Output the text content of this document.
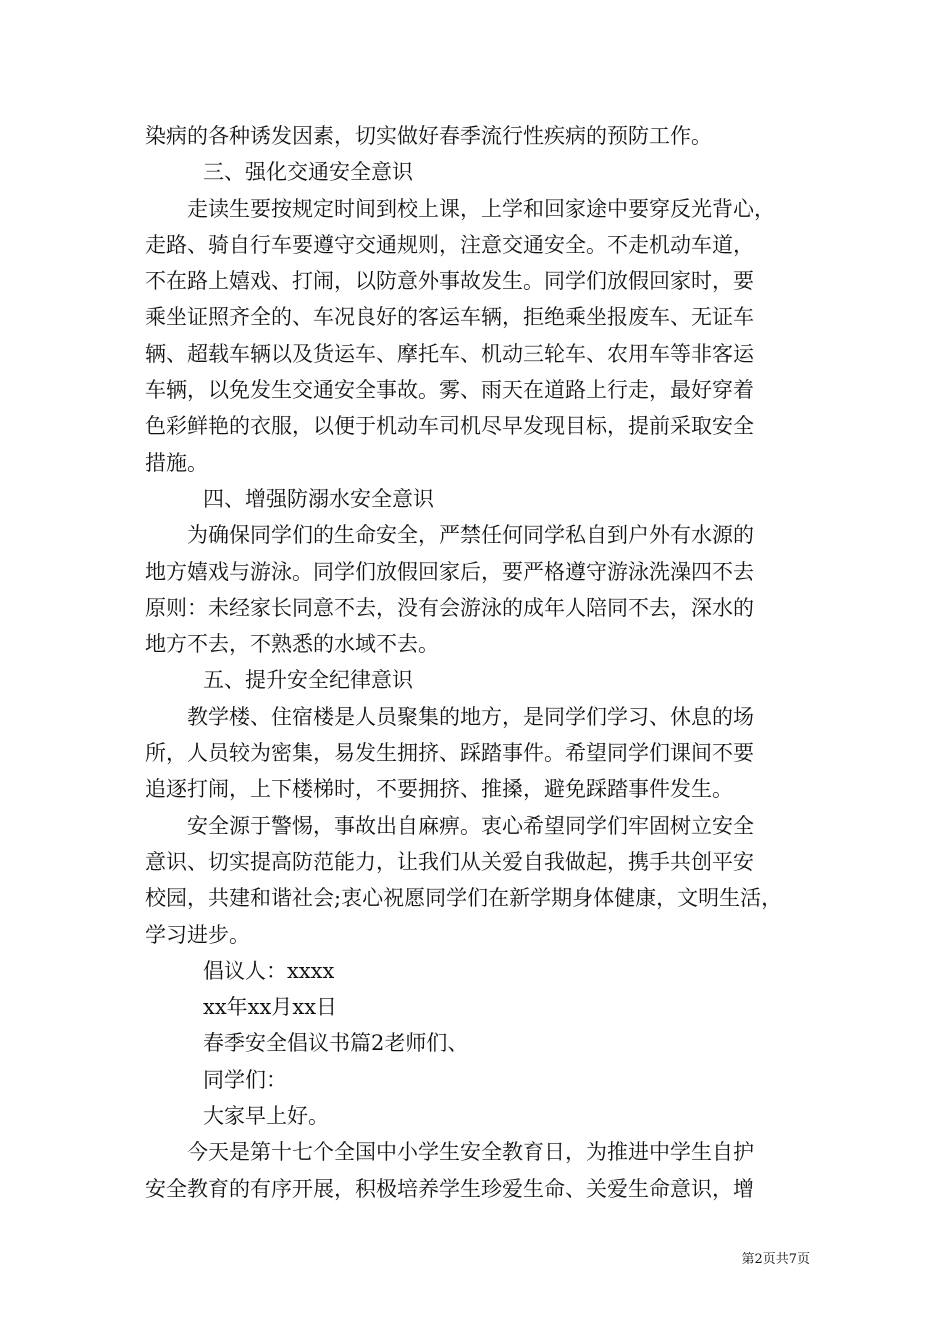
染病的各种诱发因素，切实做好春季流行性疾病的预防工作。
三、强化交通安全意识
走读生要按规定时间到校上课，上学和回家途中要穿反光背心，
走路、骑自行车要遵守交通规则，注意交通安全。不走机动车道，
不在路上嬉戏、打闹，以防意外事故发生。同学们放假回家时，要
乘坐证照齐全的、车况良好的客运车辆，拒绝乘坐报废车、无证车
辆、超载车辆以及货运车、摩托车、机动三轮车、农用车等非客运
车辆，以免发生交通安全事故。雾、雨天在道路上行走，最好穿着
色彩鲜艳的衣服，以便于机动车司机尽早发现目标，提前采取安全
措施。
四、增强防溺水安全意识
为确保同学们的生命安全，严禁任何同学私自到户外有水源的
地方嬉戏与游泳。同学们放假回家后，要严格遵守游泳洗澡四不去
原则：未经家长同意不去，没有会游泳的成年人陪同不去，深水的
地方不去，不熟悉的水域不去。
五、提升安全纪律意识
教学楼、住宿楼是人员聚集的地方，是同学们学习、休息的场
所，人员较为密集，易发生拥挤、踩踏事件。希望同学们课间不要
追逐打闹，上下楼梯时，不要拥挤、推搡，避免踩踏事件发生。
安全源于警惕，事故出自麻痹。衷心希望同学们牢固树立安全
意识、切实提高防范能力，让我们从关爱自我做起，携手共创平安
校园，共建和谐社会;衷心祝愿同学们在新学期身体健康，文明生活，
学习进步。
倡议人：xxxx
xx年xx月xx日
春季安全倡议书篇2老师们、
同学们：
大家早上好。
今天是第十七个全国中小学生安全教育日，为推进中学生自护
安全教育的有序开展，积极培养学生珍爱生命、关爱生命意识，增
第2页共7页
